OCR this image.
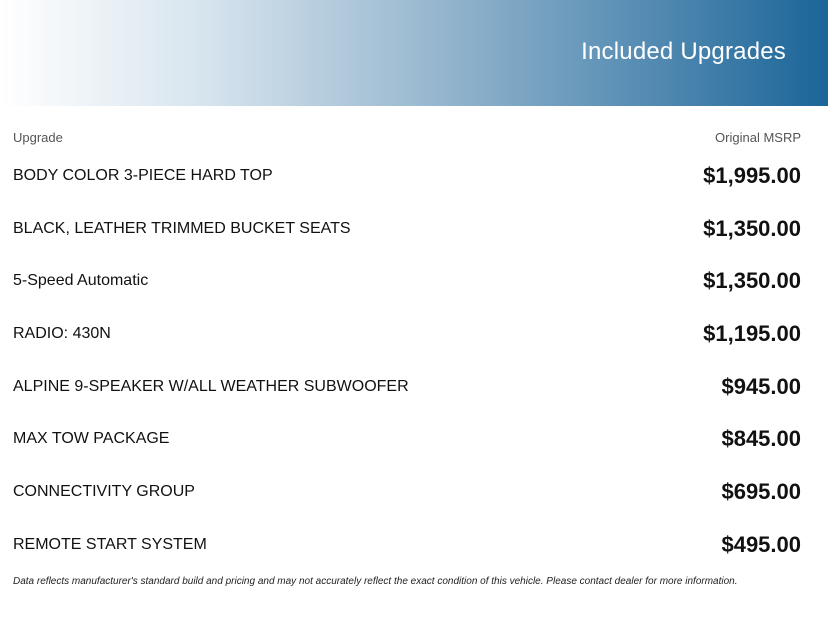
Included Upgrades
Upgrade	Original MSRP
BODY COLOR 3-PIECE HARD TOP	$1,995.00
BLACK, LEATHER TRIMMED BUCKET SEATS	$1,350.00
5-Speed Automatic	$1,350.00
RADIO: 430N	$1,195.00
ALPINE 9-SPEAKER W/ALL WEATHER SUBWOOFER	$945.00
MAX TOW PACKAGE	$845.00
CONNECTIVITY GROUP	$695.00
REMOTE START SYSTEM	$495.00
Data reflects manufacturer's standard build and pricing and may not accurately reflect the exact condition of this vehicle. Please contact dealer for more information.
